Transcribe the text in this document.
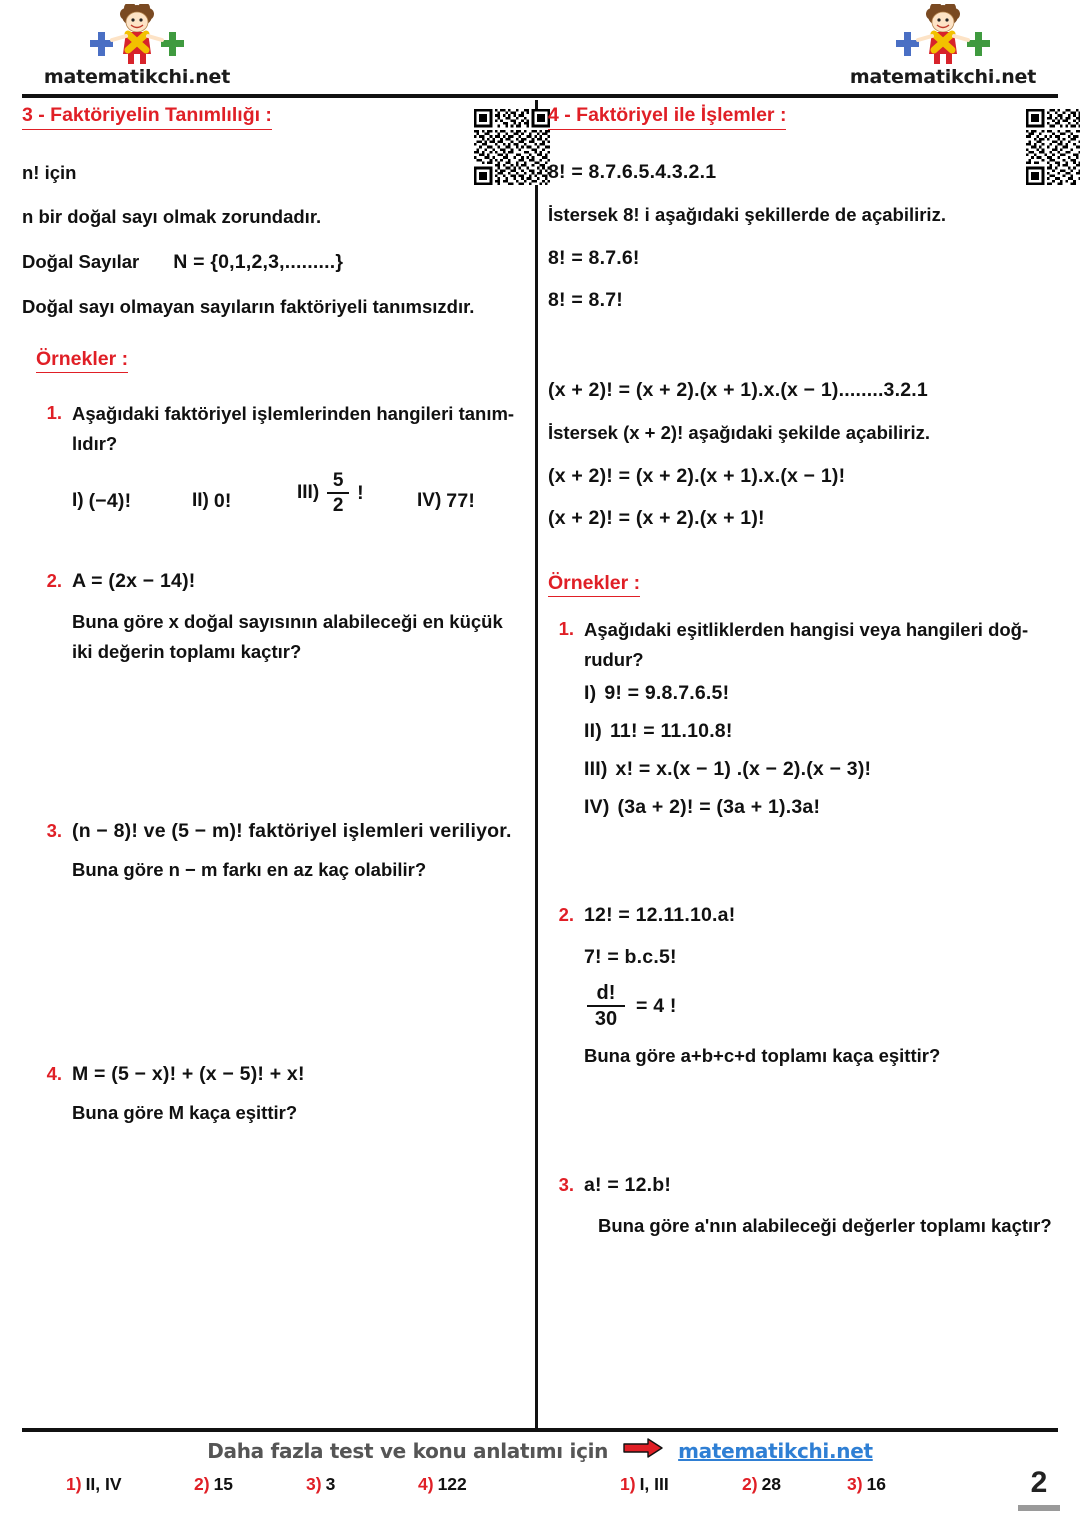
matematikchi.net	matematikchi.net
3 - Faktöriyelin Tanımlılığı :
n! için
n bir doğal sayı olmak zorundadır.
Doğal Sayılar N = {0,1,2,3,.........}
Doğal sayı olmayan sayıların faktöriyeli tanımsızdır.
Örnekler :
1. Aşağıdaki faktöriyel işlemlerinden hangileri tanım-
lıdır?
I) (−4)!	II) 0!	$III) \frac{5}{2}$ !	IV) 77!
2. A = (2x − 14)!
Buna göre x doğal sayısının alabileceği en küçük
iki değerin toplamı kaçtır?
3. (n − 8)! ve (5 − m)! faktöriyel işlemleri veriliyor.
Buna göre n − m farkı en az kaç olabilir?
4. M = (5 − x)! + (x − 5)! + x!
Buna göre M kaça eşittir?
4 - Faktöriyel ile İşlemler :
8! = 8.7.6.5.4.3.2.1
İstersek 8! i aşağıdaki şekillerde de açabiliriz.
8! = 8.7.6!
8! = 8.7!
(x + 2)! = (x + 2).(x + 1).x.(x − 1)........3.2.1
İstersek (x + 2)! aşağıdaki şekilde açabiliriz.
(x + 2)! = (x + 2).(x + 1).x.(x − 1)!
(x + 2)! = (x + 2).(x + 1)!
Örnekler :
1. Aşağıdaki eşitliklerden hangisi veya hangileri doğ-
rudur?
I) 9! = 9.8.7.6.5!
II) 11! = 11.10.8!
III) x! = x.(x − 1) .(x − 2).(x − 3)!
IV) (3a + 2)! = (3a + 1).3a!
2. 12! = 12.11.10.a!
7! = b.c.5!
$\frac{d!}{30} = 4$ !
Buna göre a+b+c+d toplamı kaça eşittir?
3. a! = 12.b!
Buna göre a'nın alabileceği değerler toplamı kaçtır?
Daha fazla test ve konu anlatımı için	matematikchi.net
1) II, IV	2) 15	3) 3	4) 122	1) I, III	2) 28	3) 16	2
